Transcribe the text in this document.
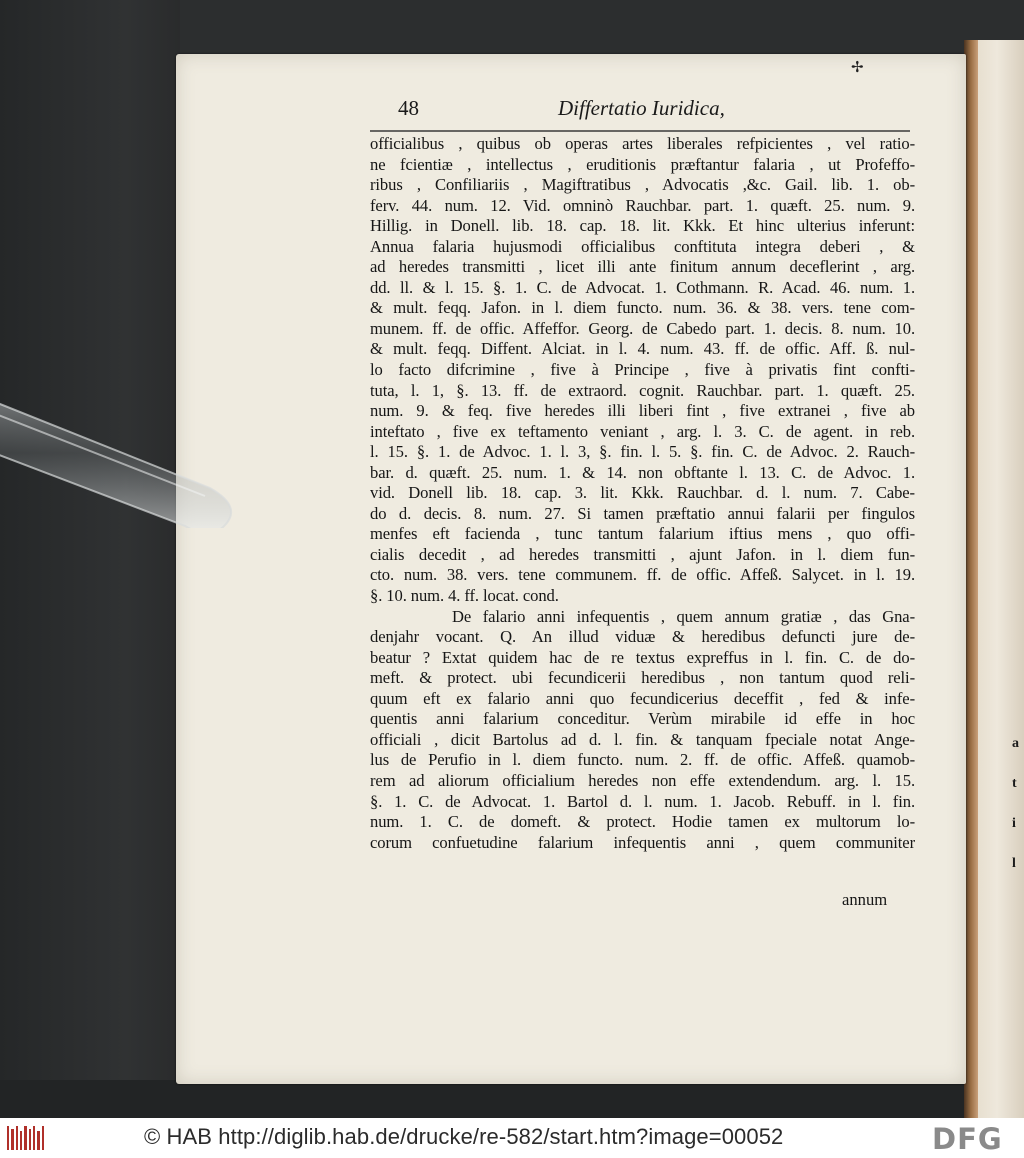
a
t
i
l
✢
48	Differtatio Iuridica,
officialibus , quibus ob operas artes liberales refpicientes , vel ratio-
ne fcientiæ , intellectus , eruditionis præftantur falaria , ut Profeffo-
ribus , Confiliariis , Magiftratibus , Advocatis ,&c. Gail. lib. 1. ob-
ferv. 44. num. 12. Vid. omninò Rauchbar. part. 1. quæft. 25. num. 9.
Hillig. in Donell. lib. 18. cap. 18. lit. Kkk. Et hinc ulterius inferunt:
Annua falaria hujusmodi officialibus conftituta integra deberi , &
ad heredes transmitti , licet illi ante finitum annum deceflerint , arg.
dd. ll. & l. 15. §. 1. C. de Advocat. 1. Cothmann. R. Acad. 46. num. 1.
& mult. feqq. Jafon. in l. diem functo. num. 36. & 38. vers. tene com-
munem. ff. de offic. Affeffor. Georg. de Cabedo part. 1. decis. 8. num. 10.
& mult. feqq. Diffent. Alciat. in l. 4. num. 43. ff. de offic. Aff. ß. nul-
lo facto difcrimine , five à Principe , five à privatis fint confti-
tuta, l. 1, §. 13. ff. de extraord. cognit. Rauchbar. part. 1. quæft. 25.
num. 9. & feq. five heredes illi liberi fint , five extranei , five ab
inteftato , five ex teftamento veniant , arg. l. 3. C. de agent. in reb.
l. 15. §. 1. de Advoc. 1. l. 3, §. fin. l. 5. §. fin. C. de Advoc. 2. Rauch-
bar. d. quæft. 25. num. 1. & 14. non obftante l. 13. C. de Advoc. 1.
vid. Donell lib. 18. cap. 3. lit. Kkk. Rauchbar. d. l. num. 7. Cabe-
do d. decis. 8. num. 27. Si tamen præftatio annui falarii per fingulos
menfes eft facienda , tunc tantum falarium iftius mens , quo offi-
cialis decedit , ad heredes transmitti , ajunt Jafon. in l. diem fun-
cto. num. 38. vers. tene communem. ff. de offic. Affeß. Salycet. in l. 19.
§. 10. num. 4. ff. locat. cond.
De falario anni infequentis , quem annum gratiæ , das Gna-
denjahr vocant. Q. An illud viduæ & heredibus defuncti jure de-
beatur ? Extat quidem hac de re textus expreffus in l. fin. C. de do-
meft. & protect. ubi fecundicerii heredibus , non tantum quod reli-
quum eft ex falario anni quo fecundicerius deceffit , fed & infe-
quentis anni falarium conceditur. Verùm mirabile id effe in hoc
officiali , dicit Bartolus ad d. l. fin. & tanquam fpeciale notat Ange-
lus de Perufio in l. diem functo. num. 2. ff. de offic. Affeß. quamob-
rem ad aliorum officialium heredes non effe extendendum. arg. l. 15.
§. 1. C. de Advocat. 1. Bartol d. l. num. 1. Jacob. Rebuff. in l. fin.
num. 1. C. de domeft. & protect. Hodie tamen ex multorum lo-
corum confuetudine falarium infequentis anni , quem communiter
annum
© HAB http://diglib.hab.de/drucke/re-582/start.htm?image=00052	DFG
